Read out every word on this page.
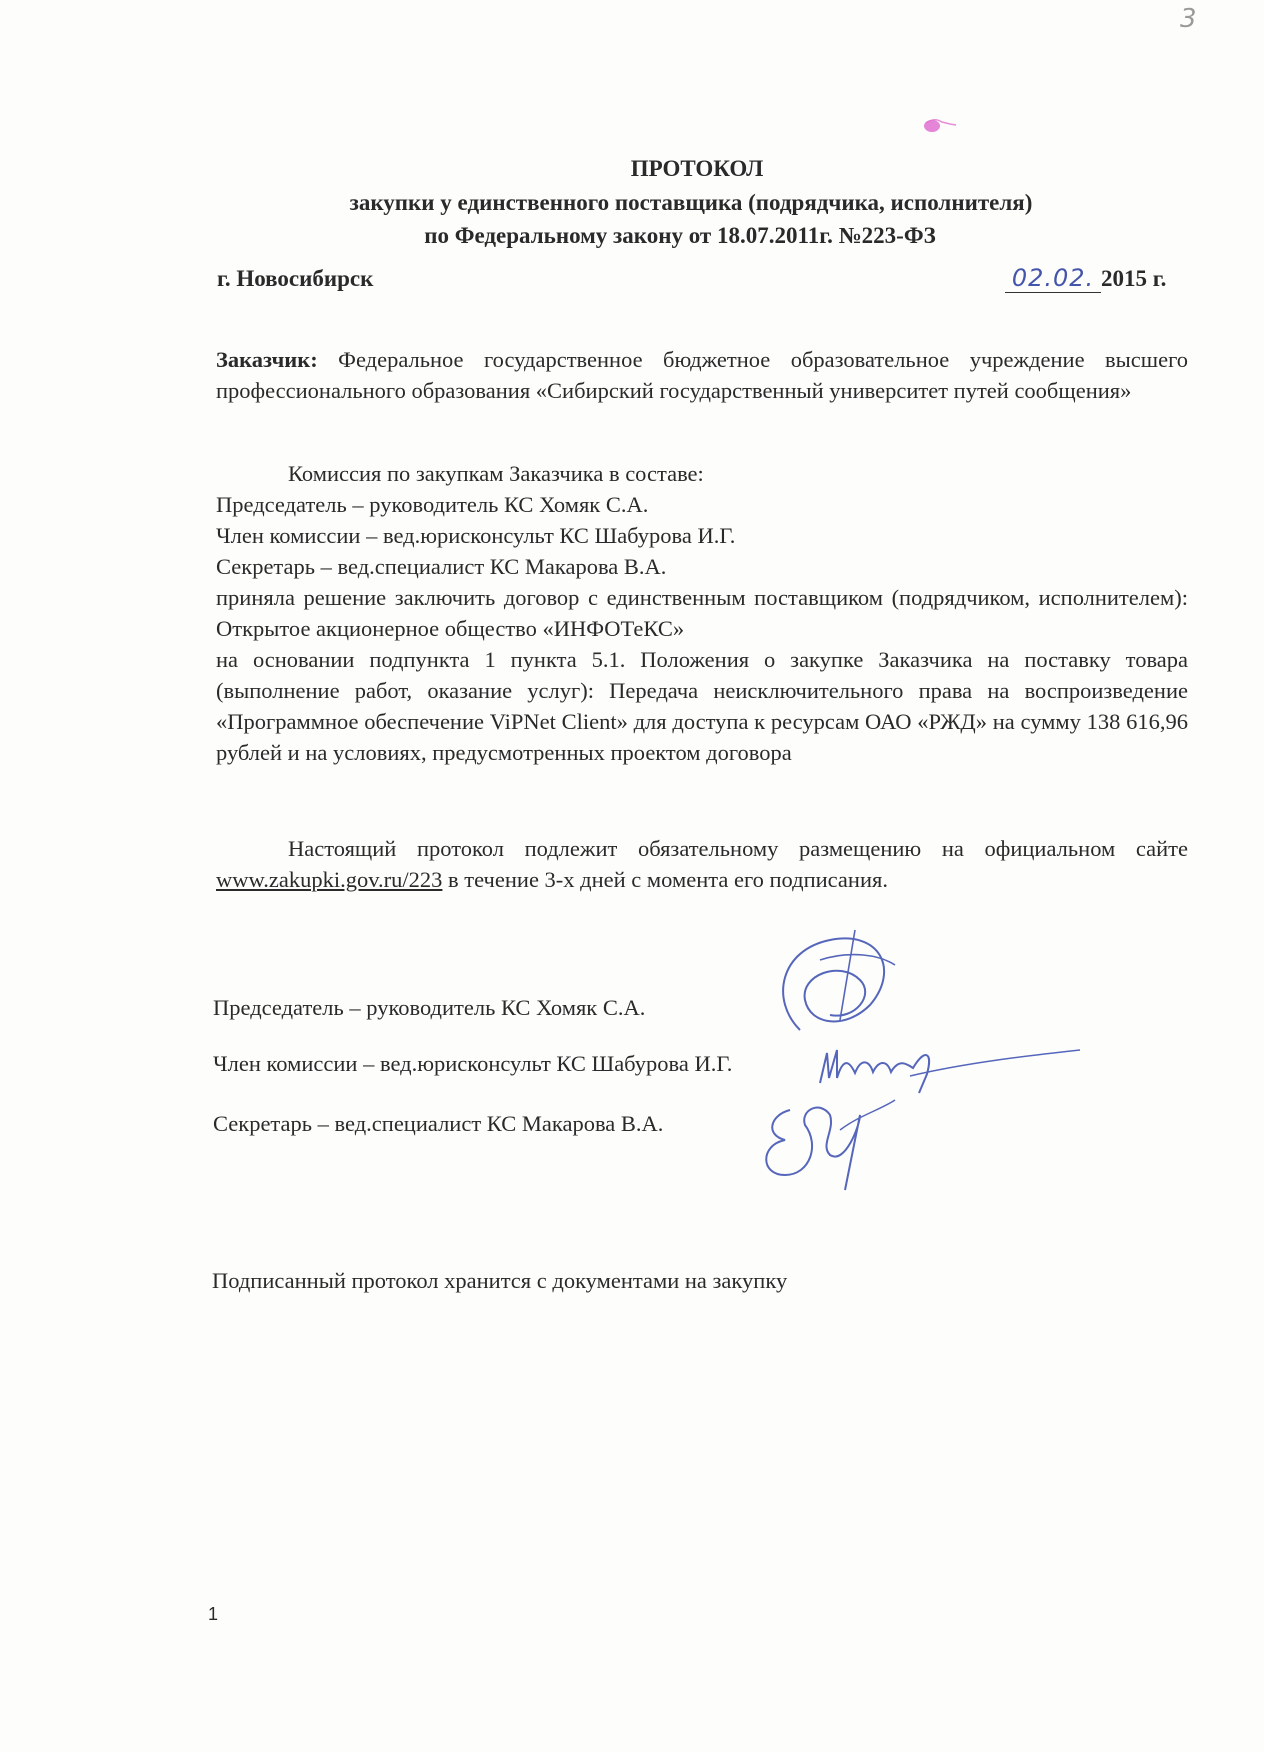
3
ПРОТОКОЛ
закупки у единственного поставщика (подрядчика, исполнителя)
по Федеральному закону от 18.07.2011г. №223-ФЗ
г. Новосибирск	02.02. 2015 г.
Заказчик: Федеральное государственное бюджетное образовательное учреждение высшего профессионального образования «Сибирский государственный университет путей сообщения»

Комиссия по закупкам Заказчика в составе:

Председатель – руководитель КС Хомяк С.А.

Член комиссии – вед.юрисконсульт КС Шабурова И.Г.

Секретарь – вед.специалист КС Макарова В.А.

приняла решение заключить договор с единственным поставщиком (подрядчиком, исполнителем): Открытое акционерное общество «ИНФОТеКС»

на основании подпункта 1 пункта 5.1. Положения о закупке Заказчика на поставку товара (выполнение работ, оказание услуг): Передача неисключительного права на воспроизведение «Программное обеспечение ViPNet Client» для доступа к ресурсам ОАО «РЖД» на сумму 138 616,96 рублей и на условиях, предусмотренных проектом договора

Настоящий протокол подлежит обязательному размещению на официальном сайте www.zakupki.gov.ru/223 в течение 3-х дней с момента его подписания.
Председатель – руководитель КС Хомяк С.А.
Член комиссии – вед.юрисконсульт КС Шабурова И.Г.
Секретарь – вед.специалист КС Макарова В.А.
Подписанный протокол хранится с документами на закупку
1
